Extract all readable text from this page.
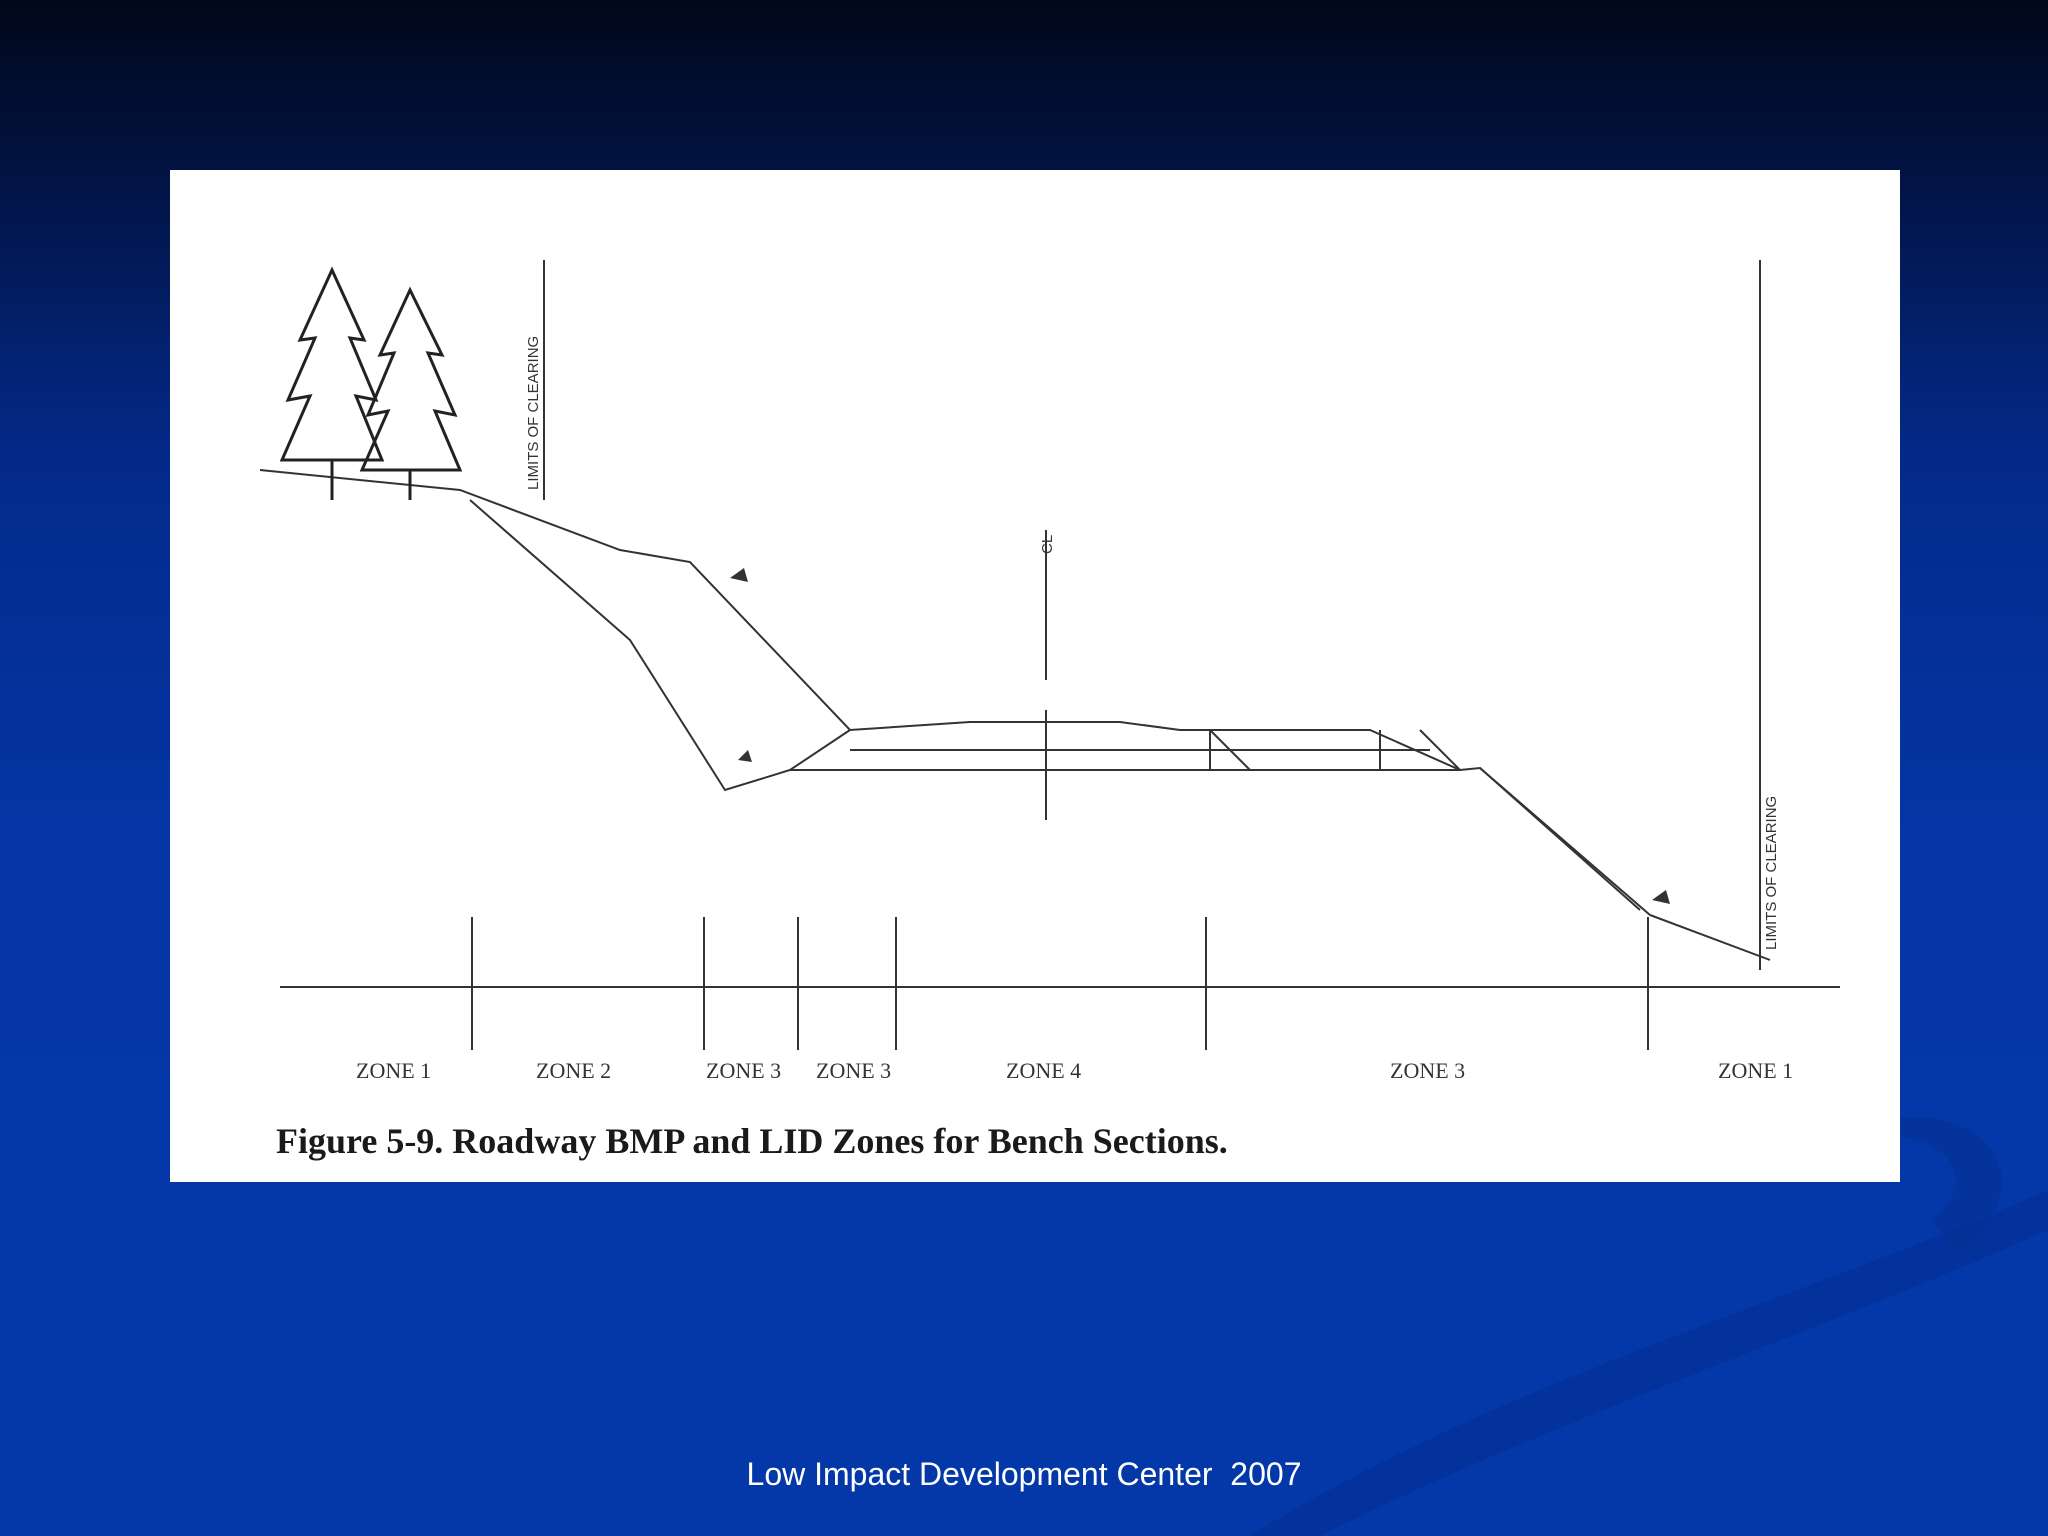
LIMITS OF CLEARING
LIMITS OF CLEARING
CL
ZONE 1	ZONE 2	ZONE 3 ZONE 3	ZONE 4	ZONE 3	ZONE 1
Figure 5-9. Roadway BMP and LID Zones for Bench Sections.
Low Impact Development Center  2007
